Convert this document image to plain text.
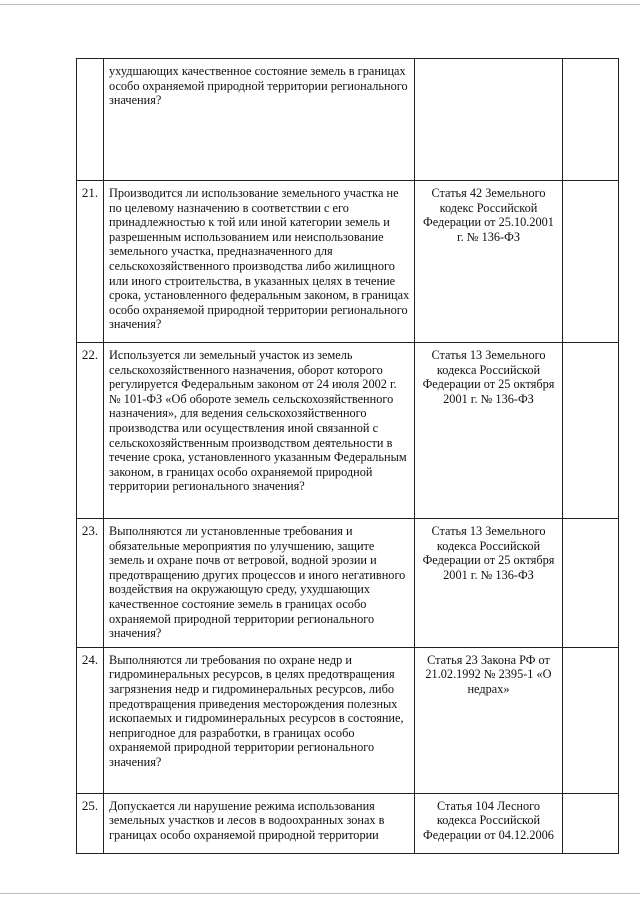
	ухудшающих качественное состояние земель в границах особо охраняемой природной территории регионального значения?		
21.	Производится ли использование земельного участка не по целевому назначению в соответствии с его принадлежностью к той или иной категории земель и разрешенным использованием или неиспользование земельного участка, предназначенного для сельскохозяйственного производства либо жилищного или иного строительства, в указанных целях в течение срока, установленного федеральным законом, в границах особо охраняемой природной территории регионального значения?	Статья 42 Земельного кодекс Российской Федерации от 25.10.2001 г. № 136-ФЗ	
22.	Используется ли земельный участок из земель сельскохозяйственного назначения, оборот которого регулируется Федеральным законом от 24 июля 2002 г. № 101-ФЗ «Об обороте земель сельскохозяйственного назначения», для ведения сельскохозяйственного производства или осуществления иной связанной с сельскохозяйственным производством деятельности в течение срока, установленного указанным Федеральным законом, в границах особо охраняемой природной территории регионального значения?	Статья 13 Земельного кодекса Российской Федерации от 25 октября 2001 г. № 136-ФЗ	
23.	Выполняются ли установленные требования и обязательные мероприятия по улучшению, защите земель и охране почв от ветровой, водной эрозии и предотвращению других процессов и иного негативного воздействия на окружающую среду, ухудшающих качественное состояние земель в границах особо охраняемой природной территории регионального значения?	Статья 13 Земельного кодекса Российской Федерации от 25 октября 2001 г. № 136-ФЗ	
24.	Выполняются ли требования по охране недр и гидроминеральных ресурсов, в целях предотвращения загрязнения недр и гидроминеральных ресурсов, либо предотвращения приведения месторождения полезных ископаемых и гидроминеральных ресурсов в состояние, непригодное для разработки, в границах особо охраняемой природной территории регионального значения?	Статья 23 Закона РФ от 21.02.1992 № 2395-1 «О недрах»	
25.	Допускается ли нарушение режима использования земельных участков и лесов в водоохранных зонах в границах особо охраняемой природной территории	Статья 104 Лесного кодекса Российской Федерации от 04.12.2006	
